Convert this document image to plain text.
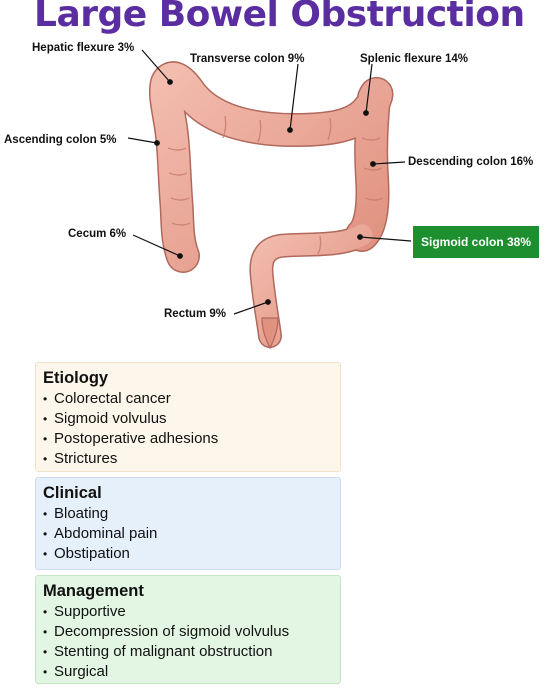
Large Bowel Obstruction
Hepatic flexure 3%
Transverse colon 9%	Splenic flexure 14%
Ascending colon 5%
Descending colon 16%
Cecum 6%
Sigmoid colon 38%
Rectum 9%
Etiology
• Colorectal cancer
• Sigmoid volvulus
• Postoperative adhesions
• Strictures
Clinical
• Bloating
• Abdominal pain
• Obstipation
Management
• Supportive
• Decompression of sigmoid volvulus
• Stenting of malignant obstruction
• Surgical
